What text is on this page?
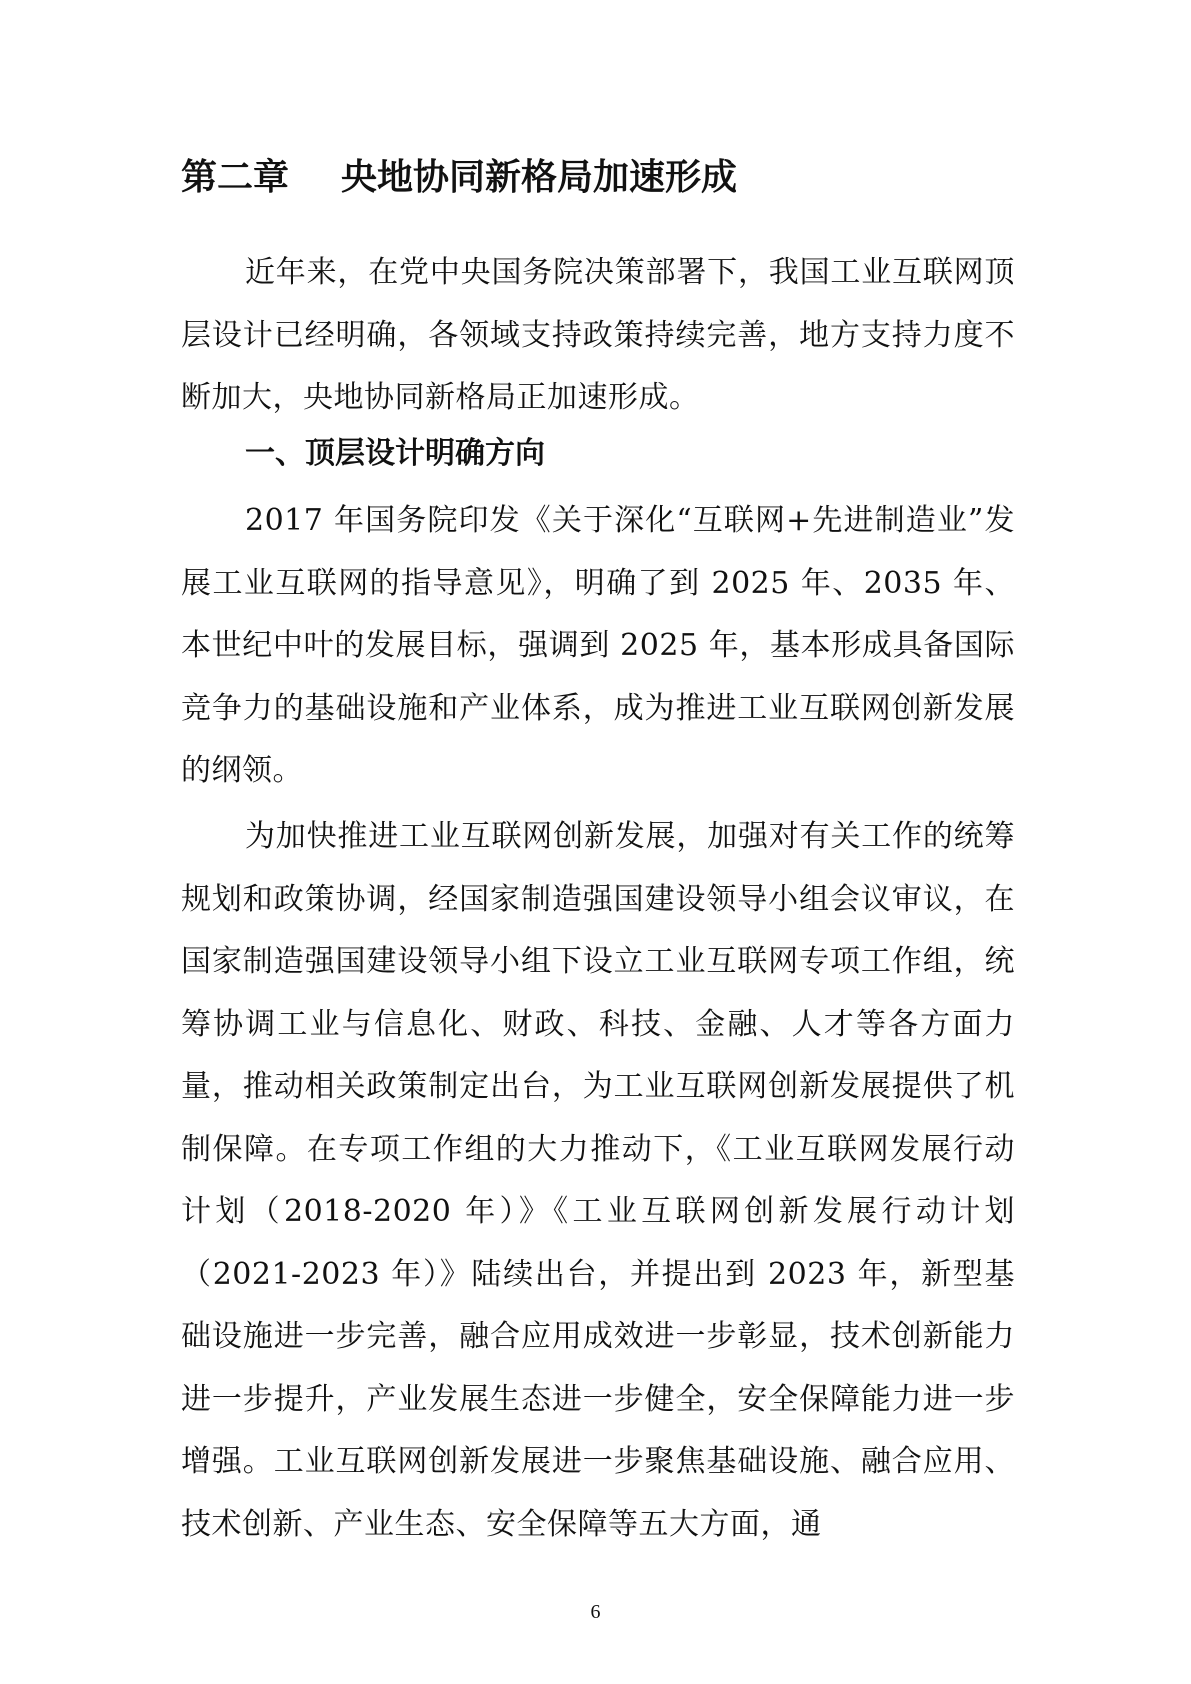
第二章 央地协同新格局加速形成

近年来，在党中央国务院决策部署下，我国工业互联网顶层设计已经明确，各领域支持政策持续完善，地方支持力度不断加大，央地协同新格局正加速形成。

一、顶层设计明确方向

2017 年国务院印发《关于深化“互联网+先进制造业”发展工业互联网的指导意见》，明确了到 2025 年、2035 年、本世纪中叶的发展目标，强调到 2025 年，基本形成具备国际竞争力的基础设施和产业体系，成为推进工业互联网创新发展的纲领。

为加快推进工业互联网创新发展，加强对有关工作的统筹规划和政策协调，经国家制造强国建设领导小组会议审议，在国家制造强国建设领导小组下设立工业互联网专项工作组，统筹协调工业与信息化、财政、科技、金融、人才等各方面力量，推动相关政策制定出台，为工业互联网创新发展提供了机制保障。在专项工作组的大力推动下，《工业互联网发展行动计划（2018-2020 年）》《工业互联网创新发展行动计划（2021-2023 年）》陆续出台，并提出到 2023 年，新型基础设施进一步完善，融合应用成效进一步彰显，技术创新能力进一步提升，产业发展生态进一步健全，安全保障能力进一步增强。工业互联网创新发展进一步聚焦基础设施、融合应用、技术创新、产业生态、安全保障等五大方面，通

6
